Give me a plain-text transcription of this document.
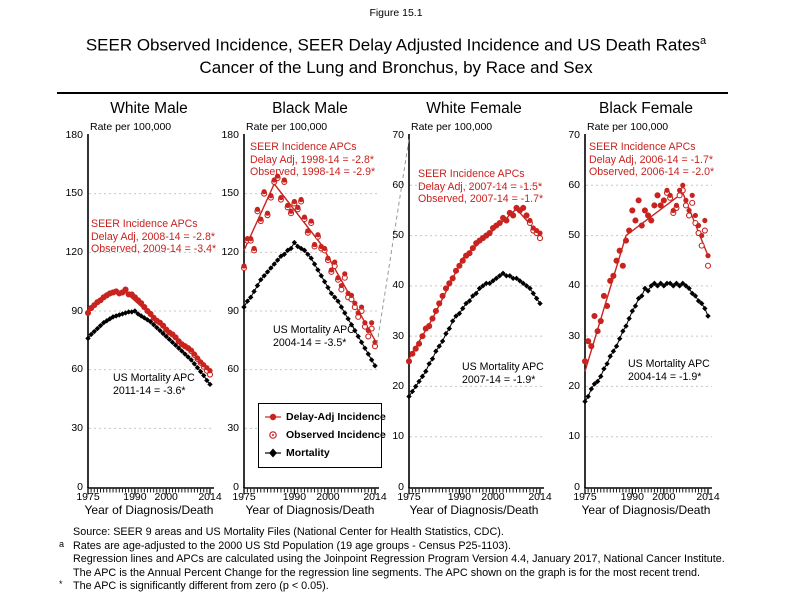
Figure 15.1
SEER Observed Incidence, SEER Delay Adjusted Incidence and US Death Rates$^a$
Cancer of the Lung and Bronchus, by Race and Sex
0
30
60
90
120
150
180
1975	1990 2000	2014
0
30
60
90
120
150
180
1975	1990 2000	2014
0
10
20
30
40
50
60
70
1975	1990 2000	2014
0
10
20
30
40
50
60
70
1975	1990 2000	2014
White Male	Black Male	White Female	Black Female
Rate per 100,000	Rate per 100,000	Rate per 100,000	Rate per 100,000
SEER Incidence APCs
Delay Adj, 2008-14 = -2.8*
Observed, 2009-14 = -3.4*
SEER Incidence APCs
Delay Adj, 1998-14 = -2.8*
Observed, 1998-14 = -2.9*	SEER Incidence APCs
Delay Adj, 2007-14 = -1.5*
Observed, 2007-14 = -1.7*
SEER Incidence APCs
Delay Adj, 2006-14 = -1.7*
Observed, 2006-14 = -2.0*
US Mortality APC
2011-14 = -3.6*
US Mortality APC
2004-14 = -3.5*
US Mortality APC
2007-14 = -1.9*
US Mortality APC
2004-14 = -1.9*
Year of Diagnosis/Death	Year of Diagnosis/Death	Year of Diagnosis/Death	Year of Diagnosis/Death
Delay-Adj Incidence
Observed Incidence
Mortality
Source: SEER 9 areas and US Mortality Files (National Center for Health Statistics, CDC).
a Rates are age-adjusted to the 2000 US Std Population (19 age groups - Census P25-1103).
Regression lines and APCs are calculated using the Joinpoint Regression Program Version 4.4, January 2017, National Cancer Institute.
The APC is the Annual Percent Change for the regression line segments. The APC shown on the graph is for the most recent trend.
* The APC is significantly different from zero (p < 0.05).
